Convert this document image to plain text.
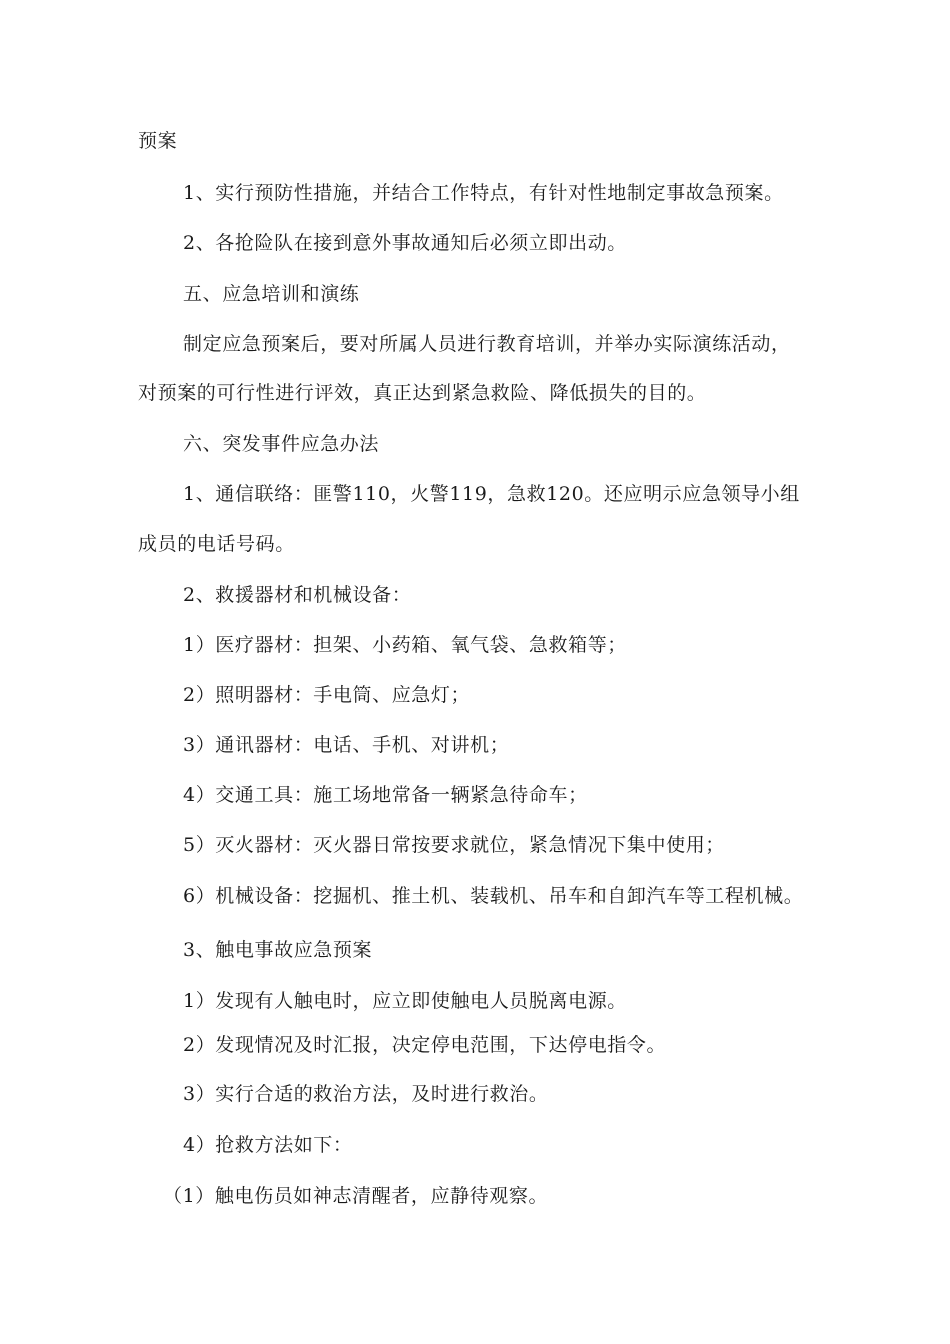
预案
1、实行预防性措施，并结合工作特点，有针对性地制定事故急预案。
2、各抢险队在接到意外事故通知后必须立即出动。
五、应急培训和演练
制定应急预案后，要对所属人员进行教育培训，并举办实际演练活动，
对预案的可行性进行评效，真正达到紧急救险、降低损失的目的。
六、突发事件应急办法
1、通信联络：匪警110，火警119，急救120。还应明示应急领导小组
成员的电话号码。
2、救援器材和机械设备：
1）医疗器材：担架、小药箱、氧气袋、急救箱等；
2）照明器材：手电筒、应急灯；
3）通讯器材：电话、手机、对讲机；
4）交通工具：施工场地常备一辆紧急待命车；
5）灭火器材：灭火器日常按要求就位，紧急情况下集中使用；
6）机械设备：挖掘机、推土机、装载机、吊车和自卸汽车等工程机械。
3、触电事故应急预案
1）发现有人触电时，应立即使触电人员脱离电源。
2）发现情况及时汇报，决定停电范围，下达停电指令。
3）实行合适的救治方法，及时进行救治。
4）抢救方法如下：
（1）触电伤员如神志清醒者，应静待观察。
